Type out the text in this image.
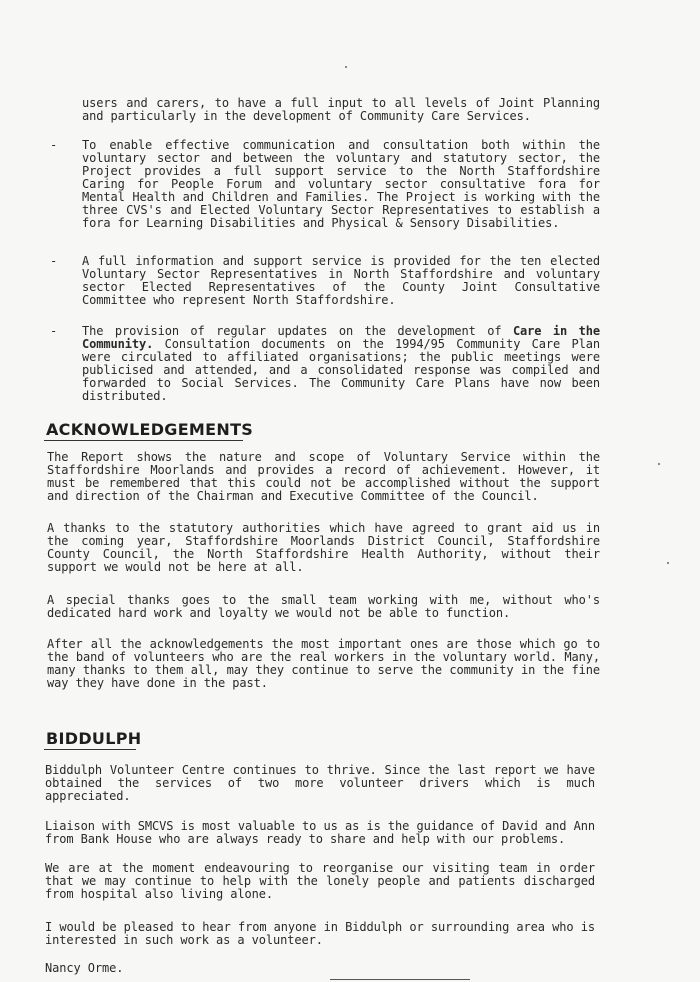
users and carers, to have a full input to all levels of Joint Planning and particularly in the development of Community Care Services.

- To enable effective communication and consultation both within the voluntary sector and between the voluntary and statutory sector, the Project provides a full support service to the North Staffordshire Caring for People Forum and voluntary sector consultative fora for Mental Health and Children and Families. The Project is working with the three CVS's and Elected Voluntary Sector Representatives to establish a fora for Learning Disabilities and Physical & Sensory Disabilities.

- A full information and support service is provided for the ten elected Voluntary Sector Representatives in North Staffordshire and voluntary sector Elected Representatives of the County Joint Consultative Committee who represent North Staffordshire.

- The provision of regular updates on the development of Care in the Community. Consultation documents on the 1994/95 Community Care Plan were circulated to affiliated organisations; the public meetings were publicised and attended, and a consolidated response was compiled and forwarded to Social Services. The Community Care Plans have now been distributed.

ACKNOWLEDGEMENTS

The Report shows the nature and scope of Voluntary Service within the Staffordshire Moorlands and provides a record of achievement. However, it must be remembered that this could not be accomplished without the support and direction of the Chairman and Executive Committee of the Council.

A thanks to the statutory authorities which have agreed to grant aid us in the coming year, Staffordshire Moorlands District Council, Staffordshire County Council, the North Staffordshire Health Authority, without their support we would not be here at all.

A special thanks goes to the small team working with me, without who's dedicated hard work and loyalty we would not be able to function.

After all the acknowledgements the most important ones are those which go to the band of volunteers who are the real workers in the voluntary world. Many, many thanks to them all, may they continue to serve the community in the fine way they have done in the past.

BIDDULPH

Biddulph Volunteer Centre continues to thrive. Since the last report we have obtained the services of two more volunteer drivers which is much appreciated.

Liaison with SMCVS is most valuable to us as is the guidance of David and Ann from Bank House who are always ready to share and help with our problems.

We are at the moment endeavouring to reorganise our visiting team in order that we may continue to help with the lonely people and patients discharged from hospital also living alone.

I would be pleased to hear from anyone in Biddulph or surrounding area who is interested in such work as a volunteer.

Nancy Orme.
